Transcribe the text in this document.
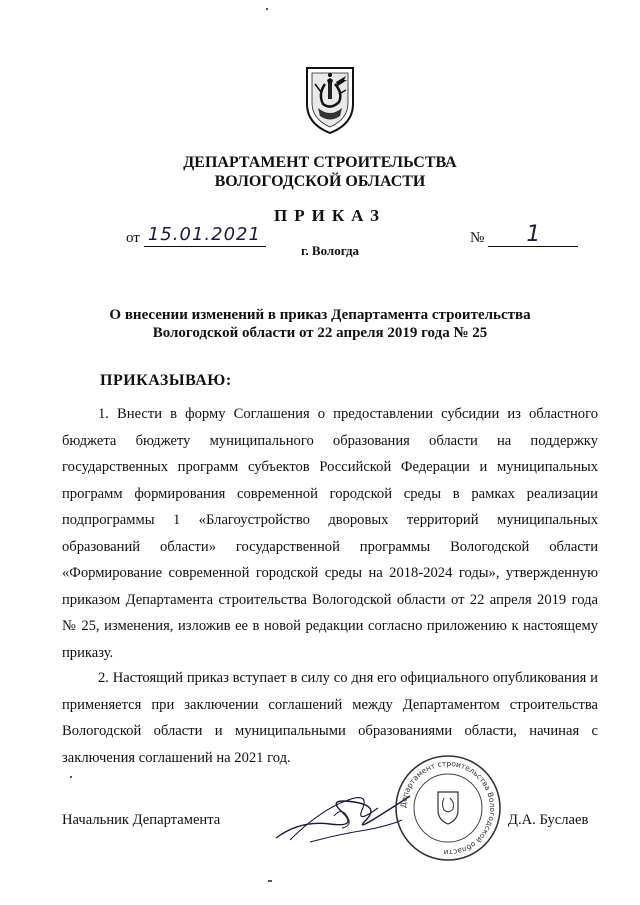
ДЕПАРТАМЕНТ СТРОИТЕЛЬСТВА
ВОЛОГОДСКОЙ ОБЛАСТИ
ПРИКАЗ
от 15.01.2021	№	1
г. Вологда
О внесении изменений в приказ Департамента строительства
Вологодской области от 22 апреля 2019 года № 25
ПРИКАЗЫВАЮ:

1. Внести в форму Соглашения о предоставлении субсидии из областного бюджета бюджету муниципального образования области на поддержку государственных программ субъектов Российской Федерации и муниципальных программ формирования современной городской среды в рамках реализации подпрограммы 1 «Благоустройство дворовых территорий муниципальных образований области» государственной программы Вологодской области «Формирование современной городской среды на 2018-2024 годы», утвержденную приказом Департамента строительства Вологодской области от 22 апреля 2019 года № 25, изменения, изложив ее в новой редакции согласно приложению к настоящему приказу.

2. Настоящий приказ вступает в силу со дня его официального опубликования и применяется при заключении соглашений между Департаментом строительства Вологодской области и муниципальными образованиями области, начиная с заключения соглашений на 2021 год.

Начальник Департамента
Департамент строительства Вологодской области
Д.А. Буслаев
